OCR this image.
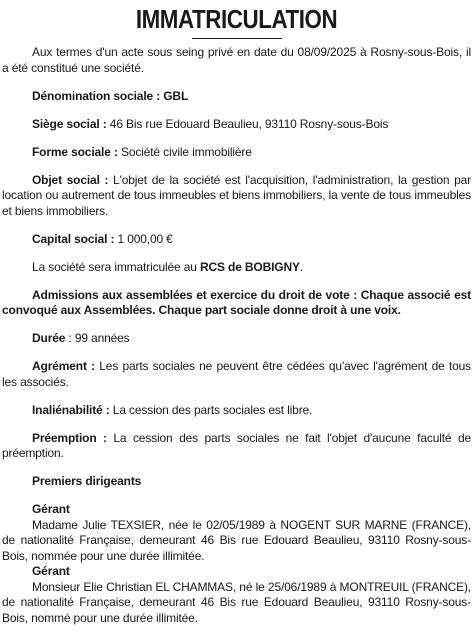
IMMATRICULATION

Aux termes d'un acte sous seing privé en date du 08/09/2025 à Rosny-sous-Bois, il a été constitué une société.

Dénomination sociale : GBL

Siège social : 46 Bis rue Edouard Beaulieu, 93110 Rosny-sous-Bois

Forme sociale : Société civile immobilière

Objet social : L'objet de la société est l'acquisition, l'administration, la gestion par location ou autrement de tous immeubles et biens immobiliers, la vente de tous immeubles et biens immobiliers.

Capital social : 1 000,00 €

La société sera immatriculée au RCS de BOBIGNY.

Admissions aux assemblées et exercice du droit de vote : Chaque associé est convoqué aux Assemblées. Chaque part sociale donne droit à une voix.

Durée : 99 années

Agrément : Les parts sociales ne peuvent être cédées qu'avec l'agrément de tous les associés.

Inaliénabilité : La cession des parts sociales est libre.

Préemption : La cession des parts sociales ne fait l'objet d'aucune faculté de préemption.

Premiers dirigeants

Gérant

Madame Julie TEXSIER, née le 02/05/1989 à NOGENT SUR MARNE (FRANCE), de nationalité Française, demeurant 46 Bis rue Edouard Beaulieu, 93110 Rosny-sous-Bois, nommée pour une durée illimitée.

Gérant

Monsieur Elie Christian EL CHAMMAS, né le 25/06/1989 à MONTREUIL (FRANCE), de nationalité Française, demeurant 46 Bis rue Edouard Beaulieu, 93110 Rosny-sous-Bois, nommé pour une durée illimitée.
